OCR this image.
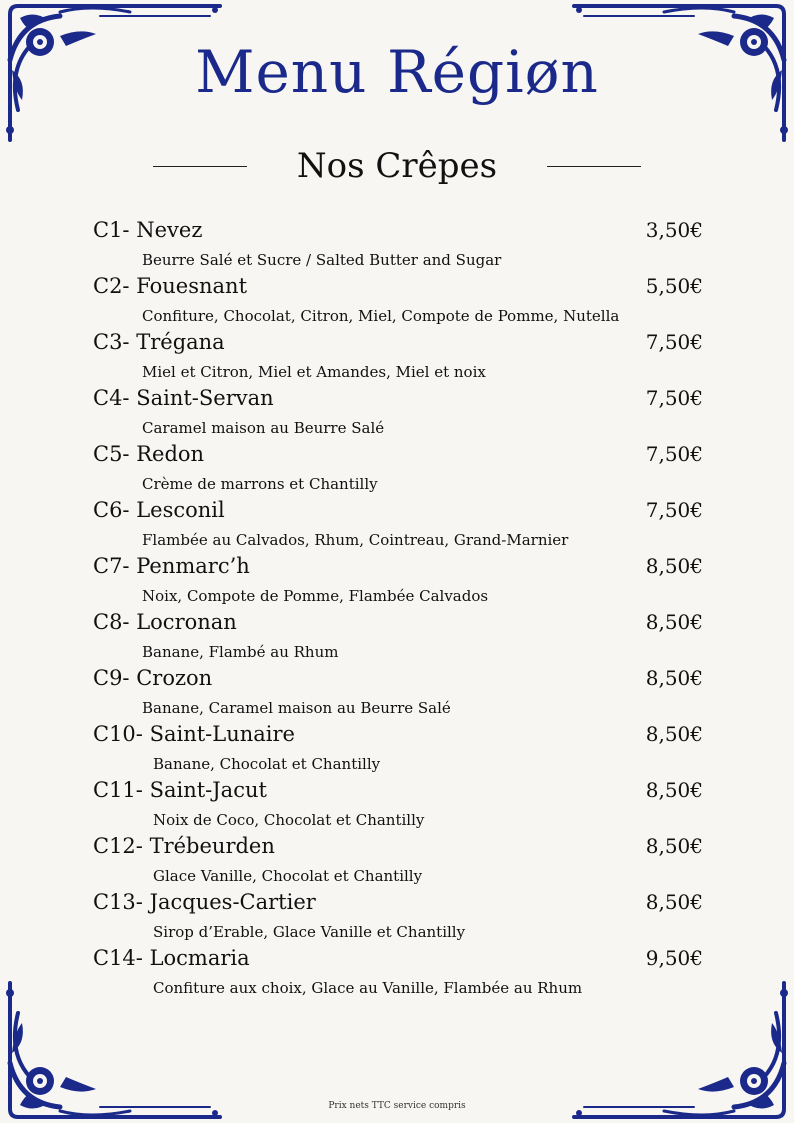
Menu Régiøn
Nos Crêpes
C1- Nevez
Beurre Salé et Sucre / Salted Butter and Sugar
3,50€
C2- Fouesnant
Confiture, Chocolat, Citron, Miel, Compote de Pomme, Nutella
5,50€
C3- Trégana
Miel et Citron, Miel et Amandes, Miel et noix
7,50€
C4- Saint-Servan
Caramel maison au Beurre Salé
7,50€
C5- Redon
Crème de marrons et Chantilly
7,50€
C6- Lesconil
Flambée au Calvados, Rhum, Cointreau, Grand-Marnier
7,50€
C7- Penmarc’h
Noix, Compote de Pomme, Flambée Calvados
8,50€
C8- Locronan
Banane, Flambé au Rhum
8,50€
C9- Crozon
Banane, Caramel maison au Beurre Salé
8,50€
C10- Saint-Lunaire
Banane, Chocolat et Chantilly
8,50€
C11- Saint-Jacut
Noix de Coco, Chocolat et Chantilly
8,50€
C12- Trébeurden
Glace Vanille, Chocolat et Chantilly
8,50€
C13- Jacques-Cartier
Sirop d’Erable, Glace Vanille et Chantilly
8,50€
C14- Locmaria
Confiture aux choix, Glace au Vanille, Flambée au Rhum
9,50€
Prix nets TTC service compris
